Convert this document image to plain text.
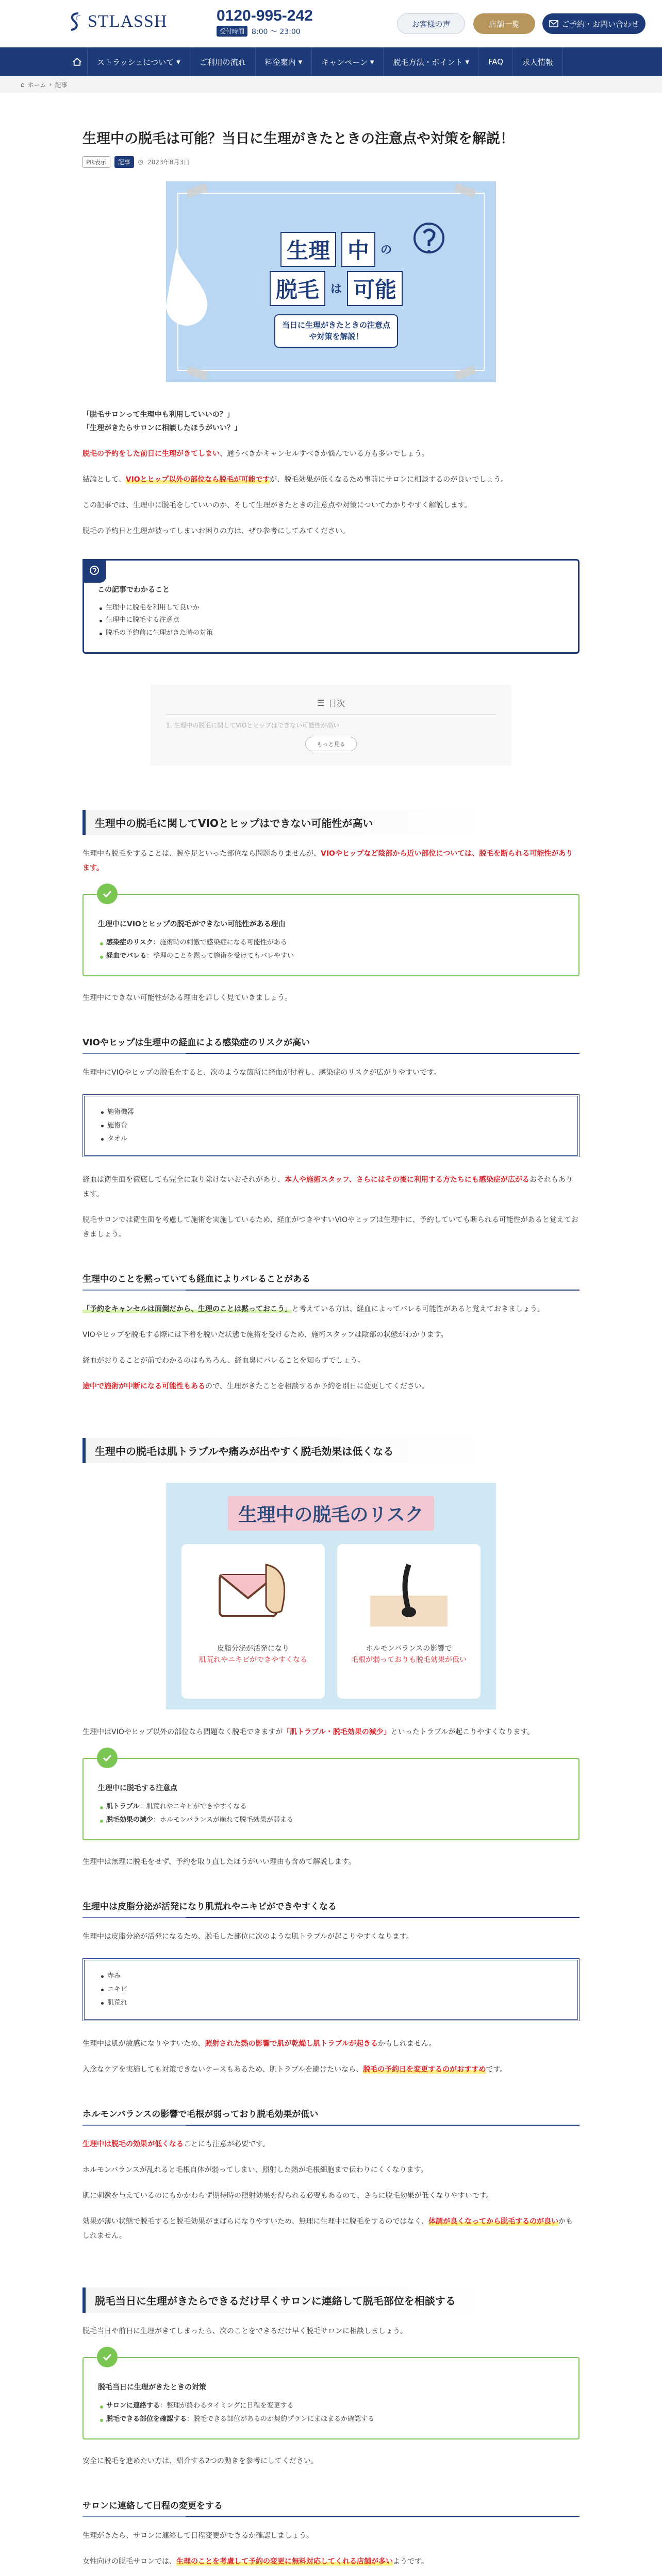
STLASSH	0120-995-242
受付時間	8:00 ～ 23:00
お客様の声	店舗一覧	ご予約・お問い合わせ
ストラッシュについて ▾ ご利用の流れ 料金案内 ▾ キャンペーン ▾ 脱毛方法・ポイント ▾ FAQ 求人情報
⌂ ホーム › 記事
生理中の脱毛は可能？当日に生理がきたときの注意点や対策を解説！
PR表示	記事	◷ 2023年8月3日
生理 中	の
脱毛	は 可能
当日に生理がきたときの注意点や対策を解説！
「脱毛サロンって生理中も利用していいの？」
「生理がきたらサロンに相談したほうがいい？」

脱毛の予約をした前日に生理がきてしまい、通うべきかキャンセルすべきか悩んでいる方も多いでしょう。

結論として、VIOとヒップ以外の部位なら脱毛が可能ですが、脱毛効果が低くなるため事前にサロンに相談するのが良いでしょう。

この記事では、生理中に脱毛をしていいのか、そして生理がきたときの注意点や対策についてわかりやすく解説します。

脱毛の予約日と生理が被ってしまいお困りの方は、ぜひ参考にしてみてください。

この記事でわかること
生理中に脱毛を利用して良いか
生理中に脱毛する注意点
脱毛の予約前に生理がきた時の対策
☰ 目次
1. 生理中の脱毛に関してVIOとヒップはできない可能性が高い
もっと見る
生理中の脱毛に関してVIOとヒップはできない可能性が高い

生理中も脱毛をすることは、腕や足といった部位なら問題ありませんが、VIOやヒップなど陰部から近い部位については、脱毛を断られる可能性があります。

生理中にVIOとヒップの脱毛ができない可能性がある理由
感染症のリスク：施術時の刺激で感染症になる可能性がある
経血でバレる：整理のことを黙って施術を受けてもバレやすい

生理中にできない可能性がある理由を詳しく見ていきましょう。

VIOやヒップは生理中の経血による感染症のリスクが高い

生理中にVIOやヒップの脱毛をすると、次のような箇所に経血が付着し、感染症のリスクが広がりやすいです。

施術機器
施術台
タオル

経血は衛生面を徹底しても完全に取り除けないおそれがあり、本人や施術スタッフ、さらにはその後に利用する方たちにも感染症が広がるおそれもあります。

脱毛サロンでは衛生面を考慮して施術を実施しているため、経血がつきやすいVIOやヒップは生理中に、予約していても断られる可能性があると覚えておきましょう。

生理中のことを黙っていても経血によりバレることがある

「予約をキャンセルは面倒だから、生理のことは黙っておこう」と考えている方は、経血によってバレる可能性があると覚えておきましょう。

VIOやヒップを脱毛する際には下着を脱いだ状態で施術を受けるため、施術スタッフは陰部の状態がわかります。

経血がおりることが前でわかるのはもちろん、経血臭にバレることを知らずでしょう。

途中で施術が中断になる可能性もあるので、生理がきたことを相談するか予約を別日に変更してください。

生理中の脱毛は肌トラブルや痛みが出やすく脱毛効果は低くなる
生理中の脱毛のリスク
皮脂分泌が活発になり
肌荒れやニキビができやすくなる
ホルモンバランスの影響で
毛根が弱っておりも脱毛効果が低い

生理中はVIOやヒップ以外の部位なら問題なく脱毛できますが「肌トラブル・脱毛効果の減少」といったトラブルが起こりやすくなります。

生理中に脱毛する注意点
肌トラブル：肌荒れやニキビができやすくなる
脱毛効果の減少：ホルモンバランスが崩れて脱毛効果が弱まる

生理中は無理に脱毛をせず、予約を取り直したほうがいい理由も含めて解説します。

生理中は皮脂分泌が活発になり肌荒れやニキビができやすくなる

生理中は皮脂分泌が活発になるため、脱毛した部位に次のような肌トラブルが起こりやすくなります。

赤み
ニキビ
肌荒れ

生理中は肌が敏感になりやすいため、照射された熱の影響で肌が乾燥し肌トラブルが起きるかもしれません。

入念なケアを実施しても対策できないケースもあるため、肌トラブルを避けたいなら、脱毛の予約日を変更するのがおすすめです。

ホルモンバランスの影響で毛根が弱っており脱毛効果が低い

生理中は脱毛の効果が低くなることにも注意が必要です。

ホルモンバランスが乱れると毛根自体が弱ってしまい、照射した熱が毛根細胞まで伝わりにくくなります。

肌に刺激を与えているのにもかかわらず期待時の照射効果を得られる必要もあるので、さらに脱毛効果が低くなりやすいです。

効果が薄い状態で脱毛すると脱毛効果がまばらになりやすいため、無理に生理中に脱毛をするのではなく、体調が良くなってから脱毛するのが良いかもしれません。

脱毛当日に生理がきたらできるだけ早くサロンに連絡して脱毛部位を相談する

脱毛当日や前日に生理がきてしまったら、次のことをできるだけ早く脱毛サロンに相談しましょう。

脱毛当日に生理がきたときの対策
サロンに連絡する：整理が終わるタイミングに日程を変更する
脱毛できる部位を確認する：脱毛できる部位があるのか契約プランにまほまるか確認する

安全に脱毛を進めたい方は、紹介する2つの動きを参考にしてください。

サロンに連絡して日程の変更をする

生理がきたら、サロンに連絡して日程変更ができるか確認しましょう。

女性向けの脱毛サロンでは、生理のことを考慮して予約の変更に無料対応してくれる店舗が多いようです。
